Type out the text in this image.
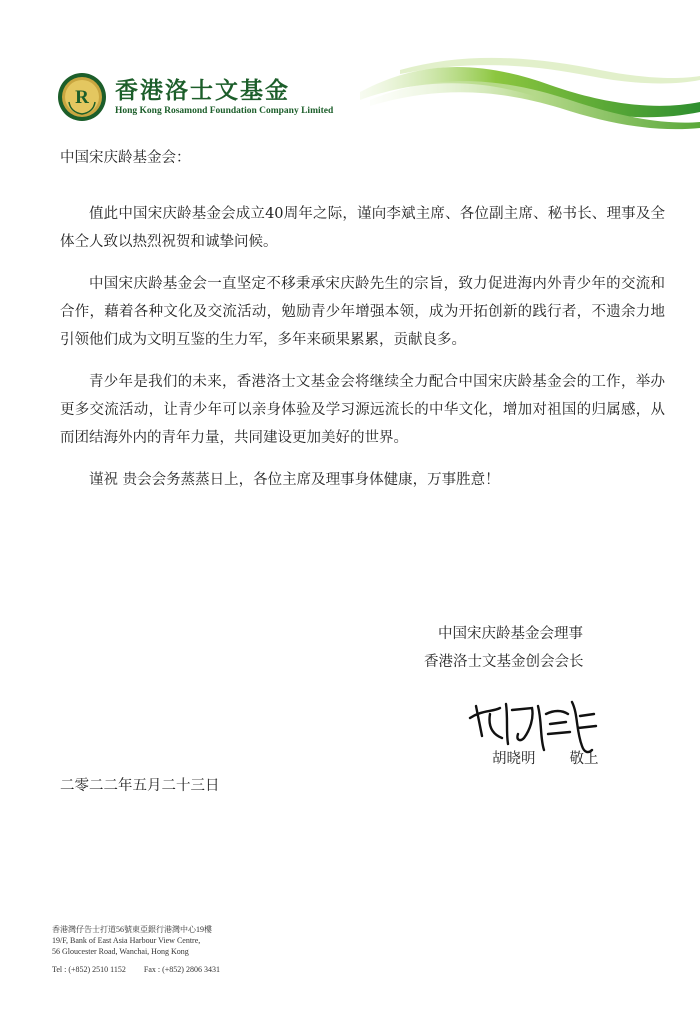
R 香港洛士文基金
Hong Kong Rosamond Foundation Company Limited
中国宋庆龄基金会：
值此中国宋庆龄基金会成立40周年之际，谨向李斌主席、各位副主席、秘书长、理事及全体仝人致以热烈祝贺和诚挚问候。
中国宋庆龄基金会一直坚定不移秉承宋庆龄先生的宗旨，致力促进海内外青少年的交流和合作，藉着各种文化及交流活动，勉励青少年增强本领，成为开拓创新的践行者，不遗余力地引领他们成为文明互鉴的生力军，多年来硕果累累，贡献良多。
青少年是我们的未来，香港洛士文基金会将继续全力配合中国宋庆龄基金会的工作，举办更多交流活动，让青少年可以亲身体验及学习源远流长的中华文化，增加对祖国的归属感，从而团结海外内的青年力量，共同建设更加美好的世界。
谨祝 贵会会务蒸蒸日上，各位主席及理事身体健康，万事胜意！
中国宋庆龄基金会理事
香港洛士文基金创会会长
胡晓明 敬上
二零二二年五月二十三日
香港灣仔告士打道56號東亞銀行港灣中心19樓
19/F, Bank of East Asia Harbour View Centre,
56 Gloucester Road, Wanchai, Hong Kong
Tel : (+852) 2510 1152 Fax : (+852) 2806 3431
